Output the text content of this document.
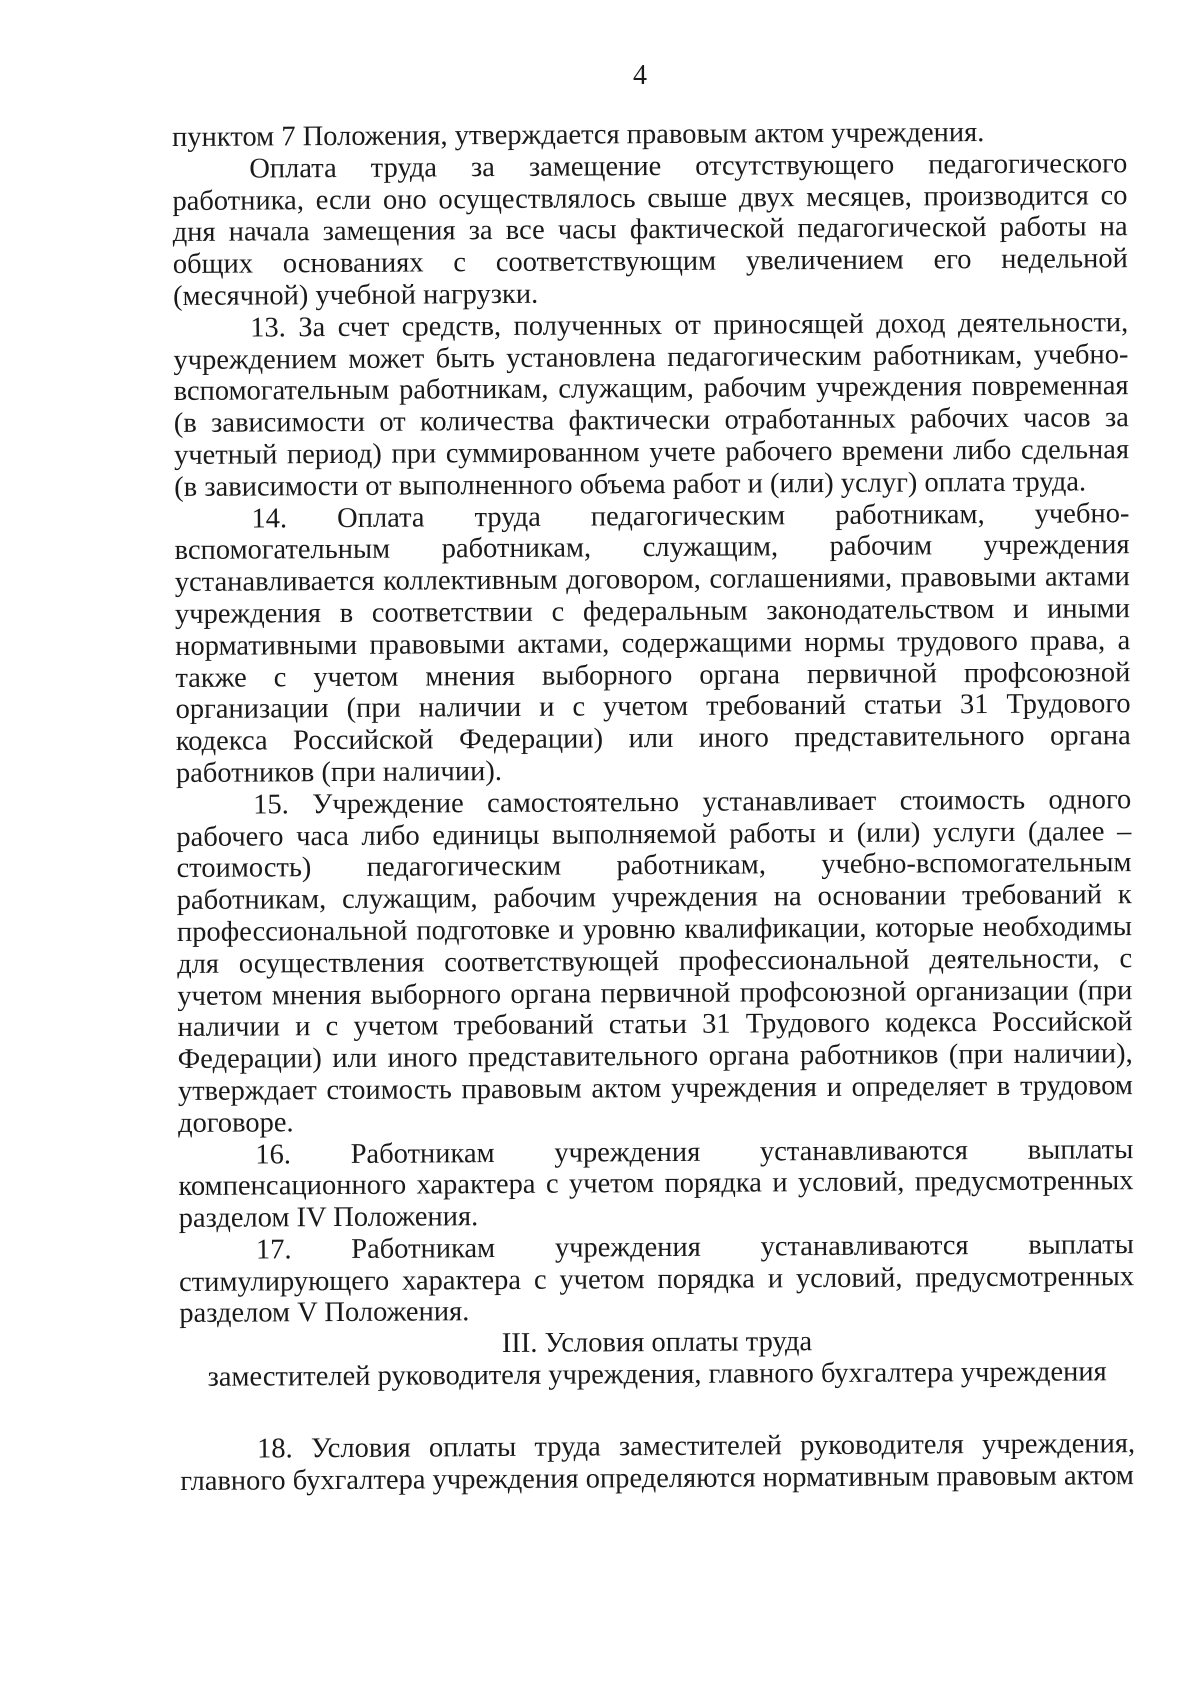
4

пунктом 7 Положения, утверждается правовым актом учреждения.

Оплата труда за замещение отсутствующего педагогического работника, если оно осуществлялось свыше двух месяцев, производится со дня начала замещения за все часы фактической педагогической работы на общих основаниях с соответствующим увеличением его недельной (месячной) учебной нагрузки.

13. За счет средств, полученных от приносящей доход деятельности, учреждением может быть установлена педагогическим работникам, учебно-вспомогательным работникам, служащим, рабочим учреждения повременная (в зависимости от количества фактически отработанных рабочих часов за учетный период) при суммированном учете рабочего времени либо сдельная (в зависимости от выполненного объема работ и (или) услуг) оплата труда.

14. Оплата труда педагогическим работникам, учебно-вспомогательным работникам, служащим, рабочим учреждения устанавливается коллективным договором, соглашениями, правовыми актами учреждения в соответствии с федеральным законодательством и иными нормативными правовыми актами, содержащими нормы трудового права, а также с учетом мнения выборного органа первичной профсоюзной организации (при наличии и с учетом требований статьи 31 Трудового кодекса Российской Федерации) или иного представительного органа работников (при наличии).

15. Учреждение самостоятельно устанавливает стоимость одного рабочего часа либо единицы выполняемой работы и (или) услуги (далее – стоимость) педагогическим работникам, учебно-вспомогательным работникам, служащим, рабочим учреждения на основании требований к профессиональной подготовке и уровню квалификации, которые необходимы для осуществления соответствующей профессиональной деятельности, с учетом мнения выборного органа первичной профсоюзной организации (при наличии и с учетом требований статьи 31 Трудового кодекса Российской Федерации) или иного представительного органа работников (при наличии), утверждает стоимость правовым актом учреждения и определяет в трудовом договоре.

16. Работникам учреждения устанавливаются выплаты компенсационного характера с учетом порядка и условий, предусмотренных разделом IV Положения.

17. Работникам учреждения устанавливаются выплаты стимулирующего характера с учетом порядка и условий, предусмотренных разделом V Положения.

III. Условия оплаты труда

заместителей руководителя учреждения, главного бухгалтера учреждения

18. Условия оплаты труда заместителей руководителя учреждения, главного бухгалтера учреждения определяются нормативным правовым актом
